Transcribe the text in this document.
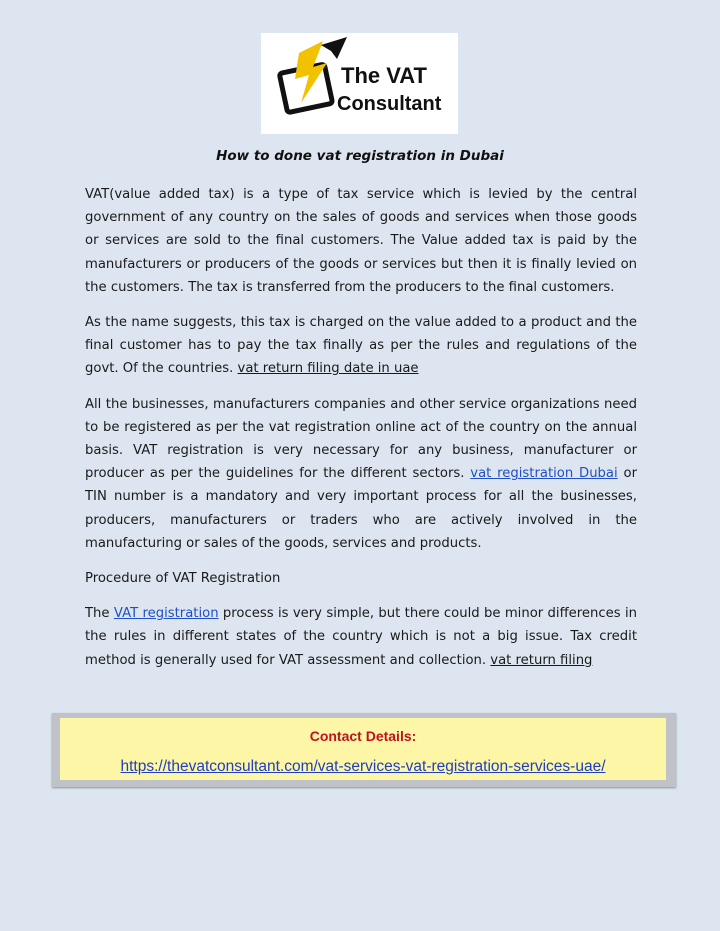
The VAT
Consultant
How to done vat registration in Dubai

VAT(value added tax) is a type of tax service which is levied by the central government of any country on the sales of goods and services when those goods or services are sold to the final customers. The Value added tax is paid by the manufacturers or producers of the goods or services but then it is finally levied on the customers. The tax is transferred from the producers to the final customers.

As the name suggests, this tax is charged on the value added to a product and the final customer has to pay the tax finally as per the rules and regulations of the govt. Of the countries. vat return filing date in uae

All the businesses, manufacturers companies and other service organizations need to be registered as per the vat registration online act of the country on the annual basis. VAT registration is very necessary for any business, manufacturer or producer as per the guidelines for the different sectors. vat registration Dubai or TIN number is a mandatory and very important process for all the businesses, producers, manufacturers or traders who are actively involved in the manufacturing or sales of the goods, services and products.

Procedure of VAT Registration

The VAT registration process is very simple, but there could be minor differences in the rules in different states of the country which is not a big issue. Tax credit method is generally used for VAT assessment and collection. vat return filing

Contact Details:
https://thevatconsultant.com/vat-services-vat-registration-services-uae/
